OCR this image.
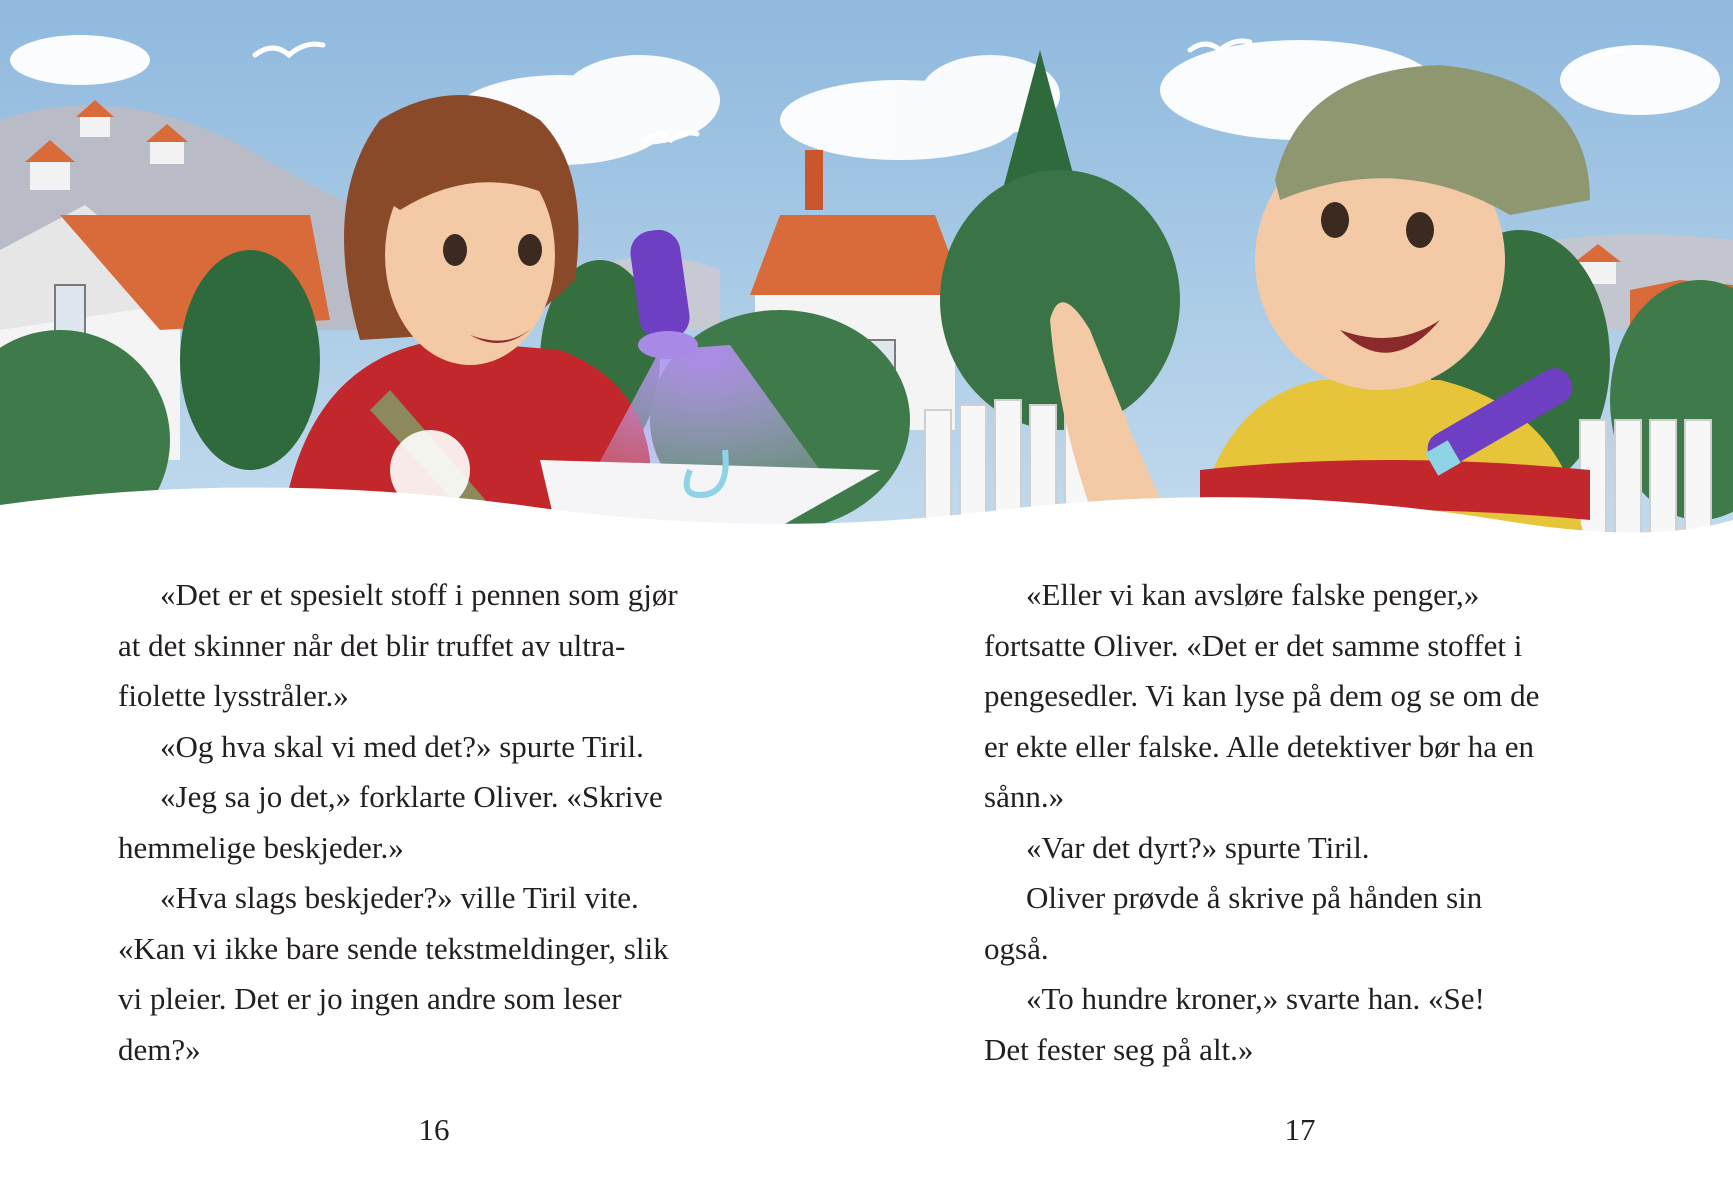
«Det er et spesielt stoff i pennen som gjør

at det skinner når det blir truffet av ultra-

fiolette lysstråler.»

«Og hva skal vi med det?» spurte Tiril.

«Jeg sa jo det,» forklarte Oliver. «Skrive

hemmelige beskjeder.»

«Hva slags beskjeder?» ville Tiril vite.

«Kan vi ikke bare sende tekstmeldinger, slik

vi pleier. Det er jo ingen andre som leser

dem?»

«Eller vi kan avsløre falske penger,»

fortsatte Oliver. «Det er det samme stoffet i

pengesedler. Vi kan lyse på dem og se om de

er ekte eller falske. Alle detektiver bør ha en

sånn.»

«Var det dyrt?» spurte Tiril.

Oliver prøvde å skrive på hånden sin

også.

«To hundre kroner,» svarte han. «Se!

Det fester seg på alt.»

16	17
